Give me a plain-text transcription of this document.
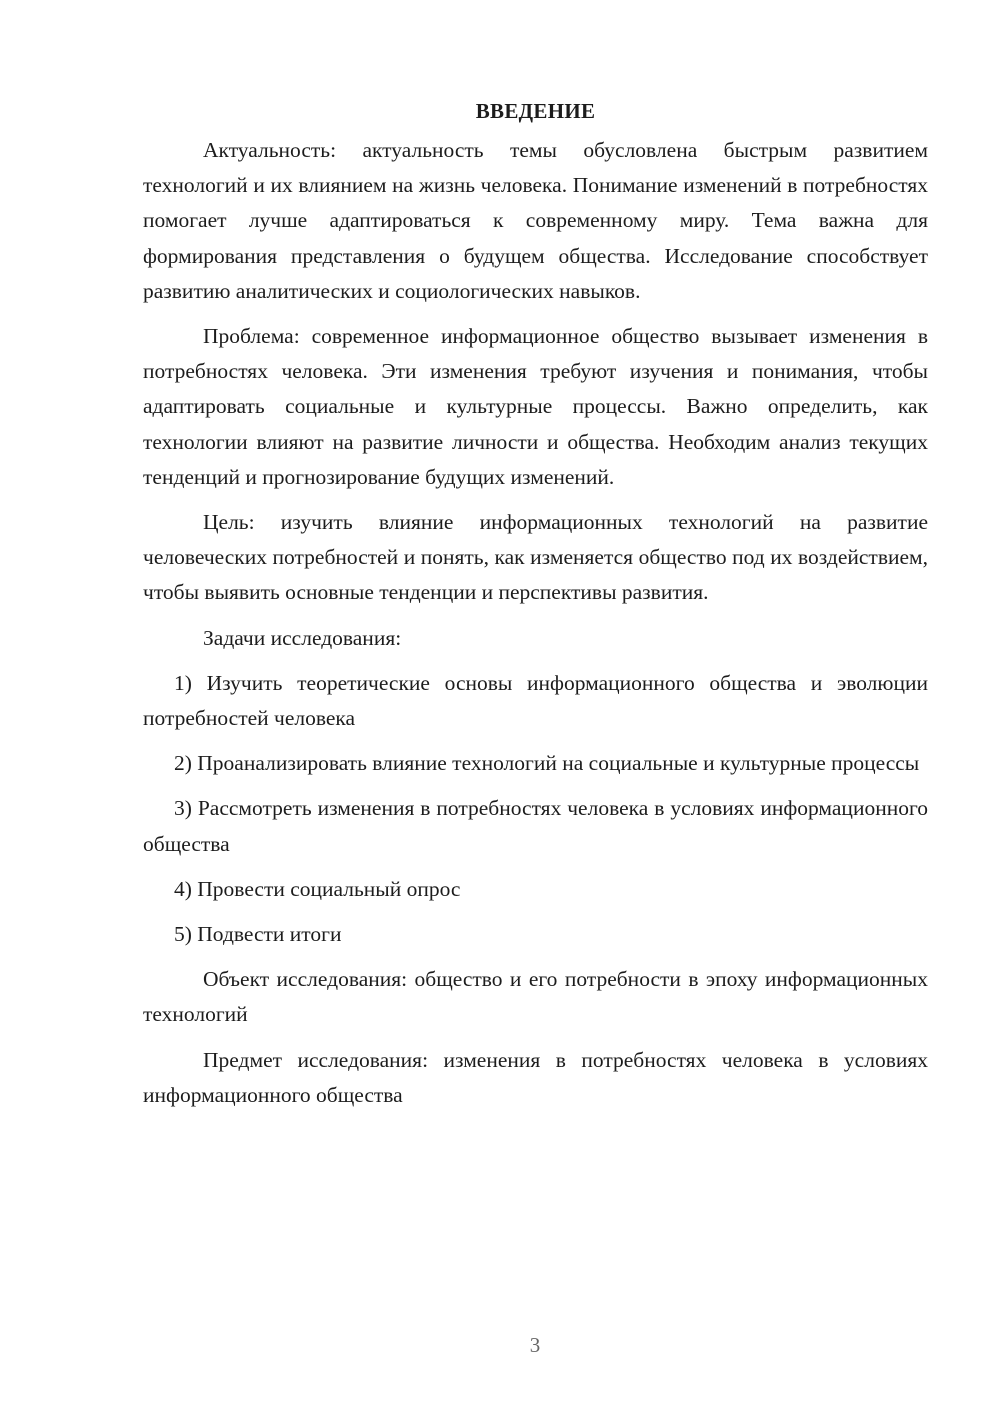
ВВЕДЕНИЕ

Актуальность: актуальность темы обусловлена быстрым развитием технологий и их влиянием на жизнь человека. Понимание изменений в потребностях помогает лучше адаптироваться к современному миру. Тема важна для формирования представления о будущем общества. Исследование способствует развитию аналитических и социологических навыков.

Проблема: современное информационное общество вызывает изменения в потребностях человека. Эти изменения требуют изучения и понимания, чтобы адаптировать социальные и культурные процессы. Важно определить, как технологии влияют на развитие личности и общества. Необходим анализ текущих тенденций и прогнозирование будущих изменений.

Цель: изучить влияние информационных технологий на развитие человеческих потребностей и понять, как изменяется общество под их воздействием, чтобы выявить основные тенденции и перспективы развития.

Задачи исследования:

1) Изучить теоретические основы информационного общества и эволюции потребностей человека

2) Проанализировать влияние технологий на социальные и культурные процессы

3) Рассмотреть изменения в потребностях человека в условиях информационного общества

4) Провести социальный опрос

5) Подвести итоги

Объект исследования: общество и его потребности в эпоху информационных технологий

Предмет исследования: изменения в потребностях человека в условиях информационного общества

3
